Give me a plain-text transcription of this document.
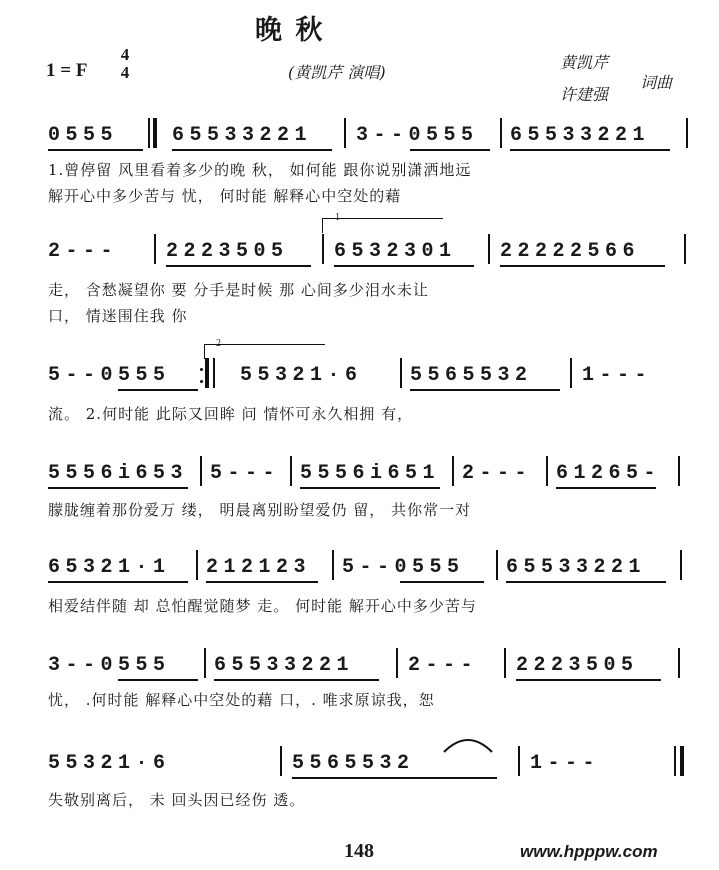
晚 秋
1 = F
4
4	(黄凯芹 演唱)
黄凯芹
许建强
词曲
0555	65533221 3--0555 65533221
1.曾停留 风里看着多少的晚 秋， 如何能 跟你说别潇洒地远
解开心中多少苦与 忧， 何时能 解释心中空处的藉
1
2--- 2223505 6532301 22222566
走， 含愁凝望你 要 分手是时候 那 心间多少泪水未让
口， 情迷围住我 你
2
5--0555	55321·6 5565532 1---
流。 2.何时能 此际又回眸 问 情怀可永久相拥 有，
5556i653 5--- 5556i651 2--- 61265-
朦胧缠着那份爱万 缕， 明晨离别盼望爱仍 留， 共你常一对
65321·1 212123 5--0555 65533221
相爱结伴随 却 总怕醒觉随梦 走。 何时能 解开心中多少苦与
3--0555 65533221	2--- 2223505
忧， .何时能 解释心中空处的藉 口，. 唯求原谅我，恕
55321·6	5565532	1---
失敬别离后， 未 回头因已经伤 透。
148	www.hpppw.com
